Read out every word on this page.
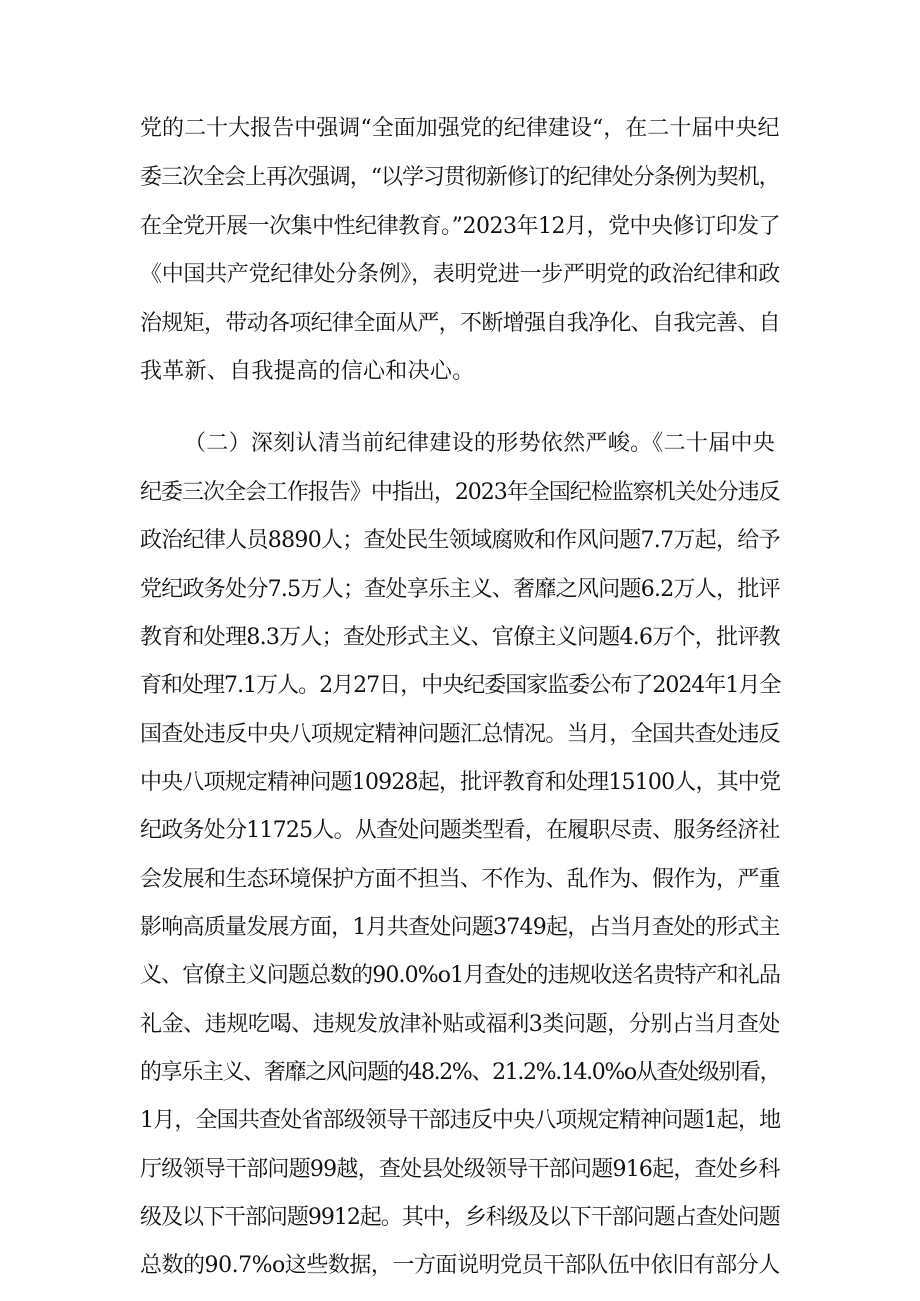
党的二十大报告中强调“全面加强党的纪律建设“，在二十届中央纪
委三次全会上再次强调，“以学习贯彻新修订的纪律处分条例为契机，
在全党开展一次集中性纪律教育。”2023年12月，党中央修订印发了
《中国共产党纪律处分条例》，表明党进一步严明党的政治纪律和政
治规矩，带动各项纪律全面从严，不断增强自我净化、自我完善、自
我革新、自我提高的信心和决心。
（二）深刻认清当前纪律建设的形势依然严峻。《二十届中央
纪委三次全会工作报告》中指出，2023年全国纪检监察机关处分违反
政治纪律人员8890人；查处民生领域腐败和作风问题7.7万起，给予
党纪政务处分7.5万人；查处享乐主义、奢靡之风问题6.2万人，批评
教育和处理8.3万人；查处形式主义、官僚主义问题4.6万个，批评教
育和处理7.1万人。2月27日，中央纪委国家监委公布了2024年1月全
国查处违反中央八项规定精神问题汇总情况。当月，全国共查处违反
中央八项规定精神问题10928起，批评教育和处理15100人，其中党
纪政务处分11725人。从查处问题类型看，在履职尽责、服务经济社
会发展和生态环境保护方面不担当、不作为、乱作为、假作为，严重
影响高质量发展方面，1月共查处问题3749起，占当月查处的形式主
义、官僚主义问题总数的90.0%o1月查处的违规收送名贵特产和礼品
礼金、违规吃喝、违规发放津补贴或福利3类问题，分别占当月查处
的享乐主义、奢靡之风问题的48.2%、21.2%.14.0%o从查处级别看，
1月，全国共查处省部级领导干部违反中央八项规定精神问题1起，地
厅级领导干部问题99越，查处县处级领导干部问题916起，查处乡科
级及以下干部问题9912起。其中，乡科级及以下干部问题占查处问题
总数的90.7%o这些数据，一方面说明党员干部队伍中依旧有部分人
